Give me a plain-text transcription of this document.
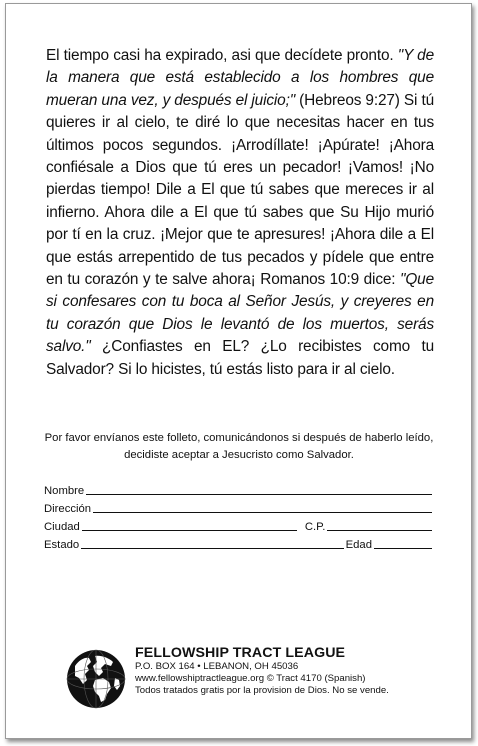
El tiempo casi ha expirado, asi que decídete pronto. "Y de la manera que está establecido a los hombres que mueran una vez, y después el juicio;" (Hebreos 9:27) Si tú quieres ir al cielo, te diré lo que necesitas hacer en tus últimos pocos segundos. ¡Arrodíllate! ¡Apúrate! ¡Ahora confiésale a Dios que tú eres un pecador! ¡Vamos! ¡No pierdas tiempo! Dile a El que tú sabes que mereces ir al infierno. Ahora dile a El que tú sabes que Su Hijo murió por tí en la cruz. ¡Mejor que te apresures! ¡Ahora dile a El que estás arrepentido de tus pecados y pídele que entre en tu corazón y te salve ahora¡ Romanos 10:9 dice: "Que si confesares con tu boca al Señor Jesús, y creyeres en tu corazón que Dios le levantó de los muertos, serás salvo." ¿Confiastes en EL? ¿Lo recibistes como tu Salvador? Si lo hicistes, tú estás listo para ir al cielo.
Por favor envíanos este folleto, comunicándonos si después de haberlo leído, decidiste aceptar a Jesucristo como Salvador.
Nombre
Dirección
Ciudad	C.P.
Estado	Edad
FELLOWSHIP TRACT LEAGUE
P.O. BOX 164 • LEBANON, OH 45036
www.fellowshiptractleague.org © Tract 4170 (Spanish)
Todos tratados gratis por la provision de Dios. No se vende.
